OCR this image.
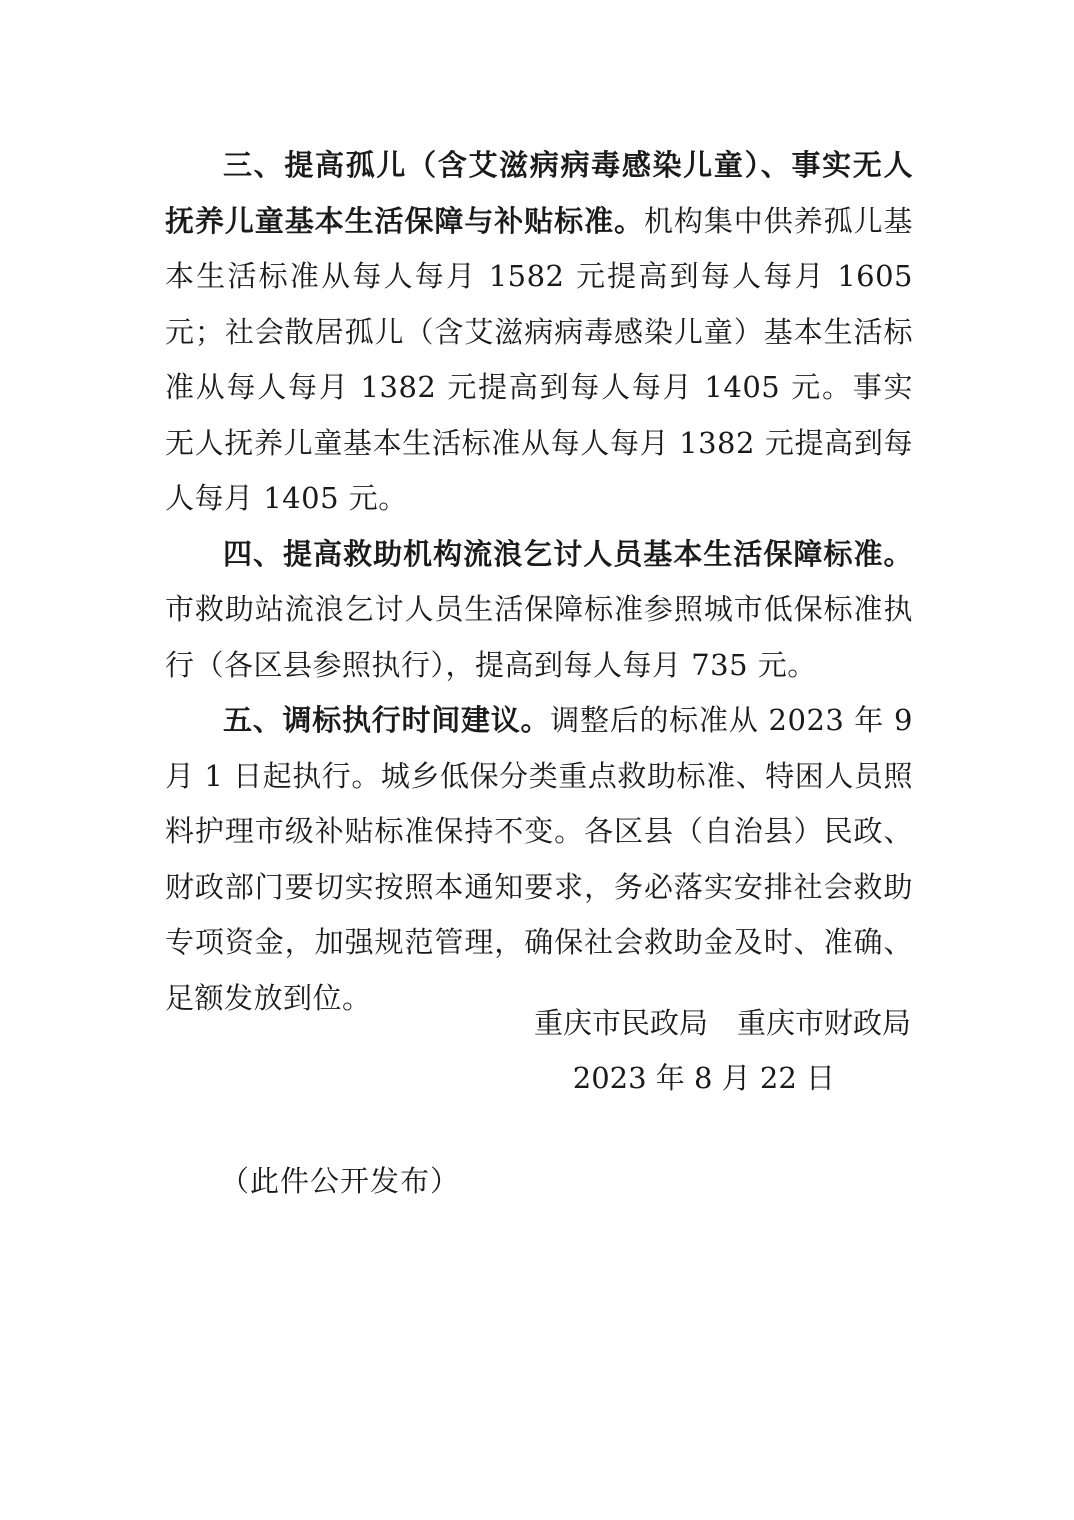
三、提高孤儿（含艾滋病病毒感染儿童）、事实无人抚养儿童基本生活保障与补贴标准。机构集中供养孤儿基本生活标准从每人每月 1582 元提高到每人每月 1605 元；社会散居孤儿（含艾滋病病毒感染儿童）基本生活标准从每人每月 1382 元提高到每人每月 1405 元。事实无人抚养儿童基本生活标准从每人每月 1382 元提高到每人每月 1405 元。

四、提高救助机构流浪乞讨人员基本生活保障标准。市救助站流浪乞讨人员生活保障标准参照城市低保标准执行（各区县参照执行），提高到每人每月 735 元。

五、调标执行时间建议。调整后的标准从 2023 年 9 月 1 日起执行。城乡低保分类重点救助标准、特困人员照料护理市级补贴标准保持不变。各区县（自治县）民政、财政部门要切实按照本通知要求，务必落实安排社会救助专项资金，加强规范管理，确保社会救助金及时、准确、足额发放到位。

重庆市民政局　重庆市财政局
2023 年 8 月 22 日
（此件公开发布）
